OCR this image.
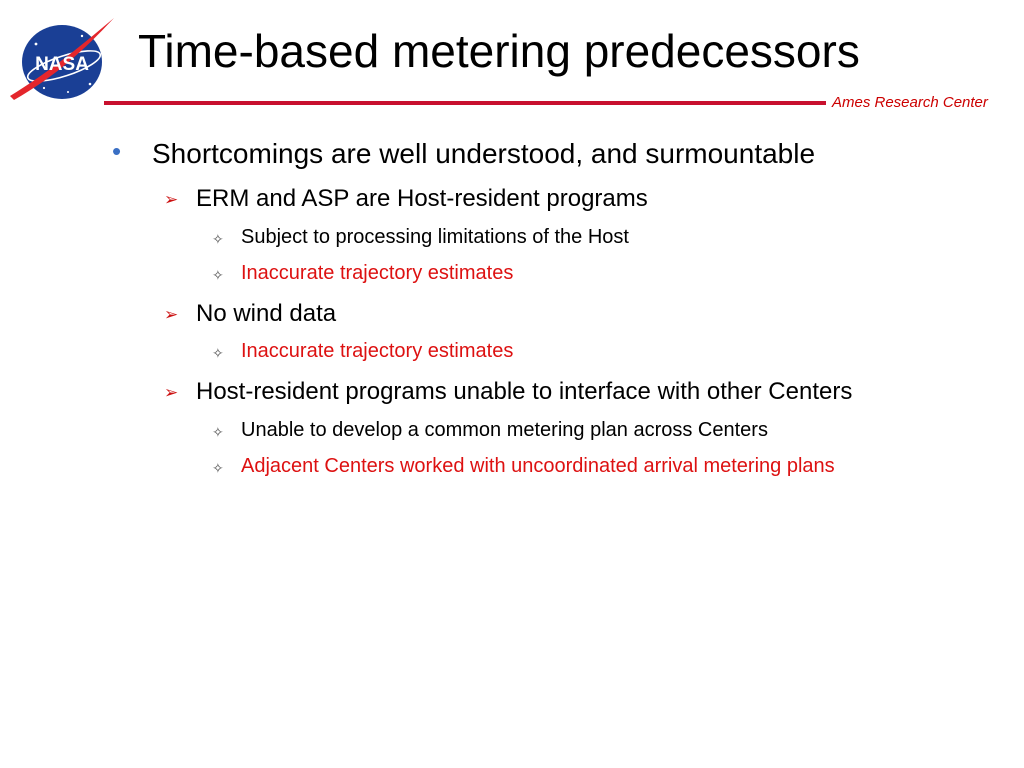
NASA Time-based metering predecessors
Ames Research Center
• Shortcomings are well understood, and surmountable
➢ ERM and ASP are Host-resident programs
✧ Subject to processing limitations of the Host
✧ Inaccurate trajectory estimates
➢ No wind data
✧ Inaccurate trajectory estimates
➢ Host-resident programs unable to interface with other Centers
✧ Unable to develop a common metering plan across Centers
✧ Adjacent Centers worked with uncoordinated arrival metering plans
